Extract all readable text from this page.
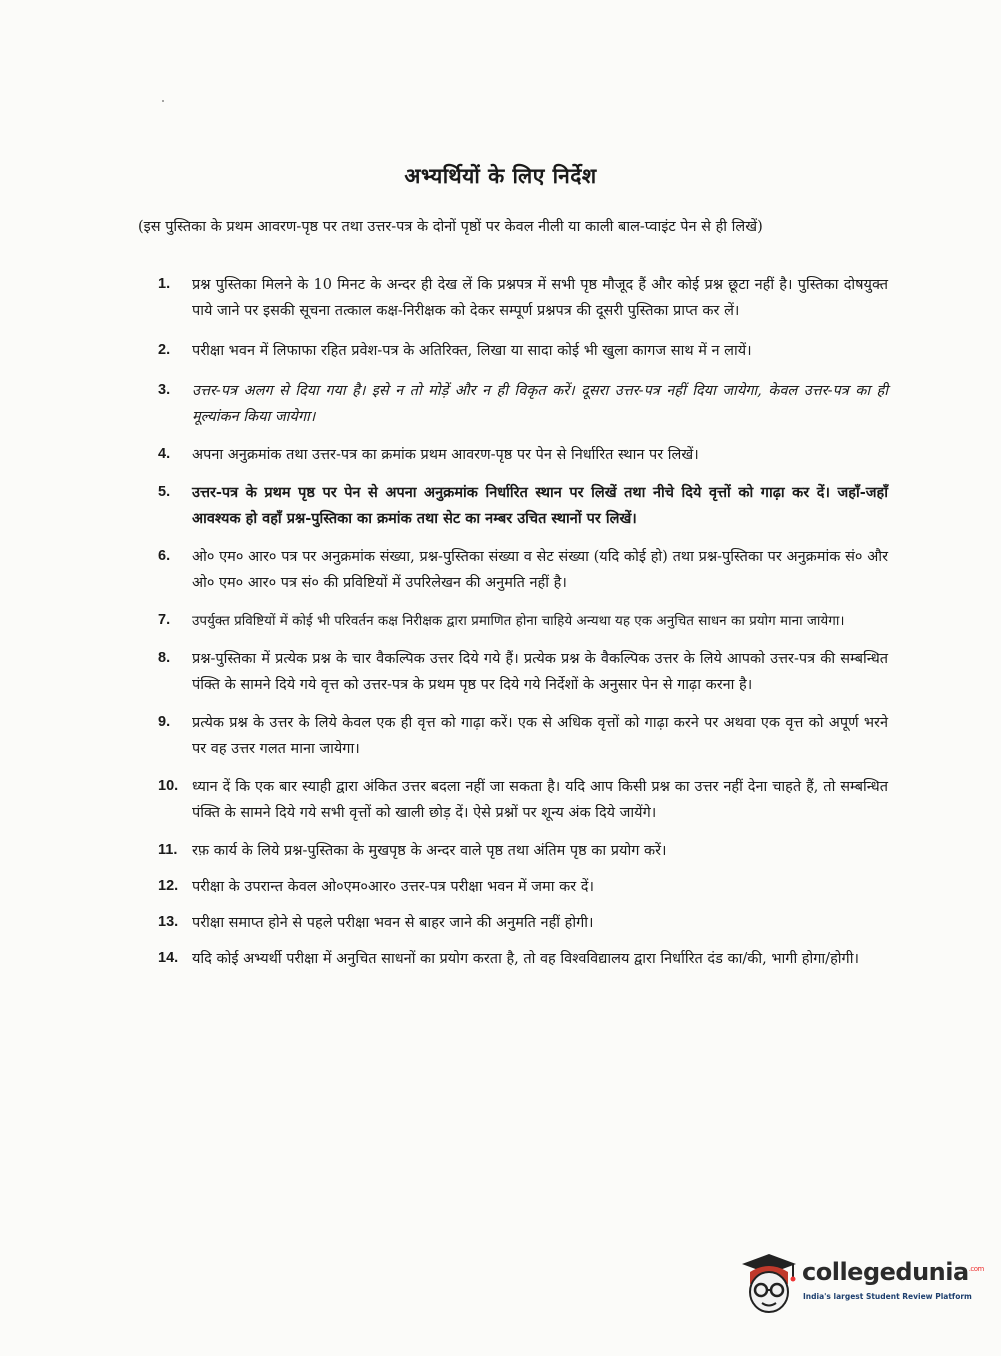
अभ्यर्थियों के लिए निर्देश
(इस पुस्तिका के प्रथम आवरण-पृष्ठ पर तथा उत्तर-पत्र के दोनों पृष्ठों पर केवल नीली या काली बाल-प्वाइंट पेन से ही लिखें)
1.	प्रश्न पुस्तिका मिलने के 10 मिनट के अन्दर ही देख लें कि प्रश्नपत्र में सभी पृष्ठ मौजूद हैं और कोई प्रश्न छूटा नहीं है। पुस्तिका दोषयुक्त पाये जाने पर इसकी सूचना तत्काल कक्ष-निरीक्षक को देकर सम्पूर्ण प्रश्नपत्र की दूसरी पुस्तिका प्राप्त कर लें।
2.	परीक्षा भवन में लिफाफा रहित प्रवेश-पत्र के अतिरिक्त, लिखा या सादा कोई भी खुला कागज साथ में न लायें।
3.	उत्तर-पत्र अलग से दिया गया है। इसे न तो मोड़ें और न ही विकृत करें। दूसरा उत्तर-पत्र नहीं दिया जायेगा, केवल उत्तर-पत्र का ही मूल्यांकन किया जायेगा।
4.	अपना अनुक्रमांक तथा उत्तर-पत्र का क्रमांक प्रथम आवरण-पृष्ठ पर पेन से निर्धारित स्थान पर लिखें।
5.	उत्तर-पत्र के प्रथम पृष्ठ पर पेन से अपना अनुक्रमांक निर्धारित स्थान पर लिखें तथा नीचे दिये वृत्तों को गाढ़ा कर दें। जहाँ-जहाँ आवश्यक हो वहाँ प्रश्न-पुस्तिका का क्रमांक तथा सेट का नम्बर उचित स्थानों पर लिखें।
6.	ओ० एम० आर० पत्र पर अनुक्रमांक संख्या, प्रश्न-पुस्तिका संख्या व सेट संख्या (यदि कोई हो) तथा प्रश्न-पुस्तिका पर अनुक्रमांक सं० और ओ० एम० आर० पत्र सं० की प्रविष्टियों में उपरिलेखन की अनुमति नहीं है।
7.	उपर्युक्त प्रविष्टियों में कोई भी परिवर्तन कक्ष निरीक्षक द्वारा प्रमाणित होना चाहिये अन्यथा यह एक अनुचित साधन का प्रयोग माना जायेगा।
8.	प्रश्न-पुस्तिका में प्रत्येक प्रश्न के चार वैकल्पिक उत्तर दिये गये हैं। प्रत्येक प्रश्न के वैकल्पिक उत्तर के लिये आपको उत्तर-पत्र की सम्बन्धित पंक्ति के सामने दिये गये वृत्त को उत्तर-पत्र के प्रथम पृष्ठ पर दिये गये निर्देशों के अनुसार पेन से गाढ़ा करना है।
9.	प्रत्येक प्रश्न के उत्तर के लिये केवल एक ही वृत्त को गाढ़ा करें। एक से अधिक वृत्तों को गाढ़ा करने पर अथवा एक वृत्त को अपूर्ण भरने पर वह उत्तर गलत माना जायेगा।
10. ध्यान दें कि एक बार स्याही द्वारा अंकित उत्तर बदला नहीं जा सकता है। यदि आप किसी प्रश्न का उत्तर नहीं देना चाहते हैं, तो सम्बन्धित पंक्ति के सामने दिये गये सभी वृत्तों को खाली छोड़ दें। ऐसे प्रश्नों पर शून्य अंक दिये जायेंगे।
11.	रफ़ कार्य के लिये प्रश्न-पुस्तिका के मुखपृष्ठ के अन्दर वाले पृष्ठ तथा अंतिम पृष्ठ का प्रयोग करें।
12. परीक्षा के उपरान्त केवल ओ०एम०आर० उत्तर-पत्र परीक्षा भवन में जमा कर दें।
13. परीक्षा समाप्त होने से पहले परीक्षा भवन से बाहर जाने की अनुमति नहीं होगी।
14. यदि कोई अभ्यर्थी परीक्षा में अनुचित साधनों का प्रयोग करता है, तो वह विश्वविद्यालय द्वारा निर्धारित दंड का/की, भागी होगा/होगी।
collegedunia$^{.com}$
India's largest Student Review Platform
